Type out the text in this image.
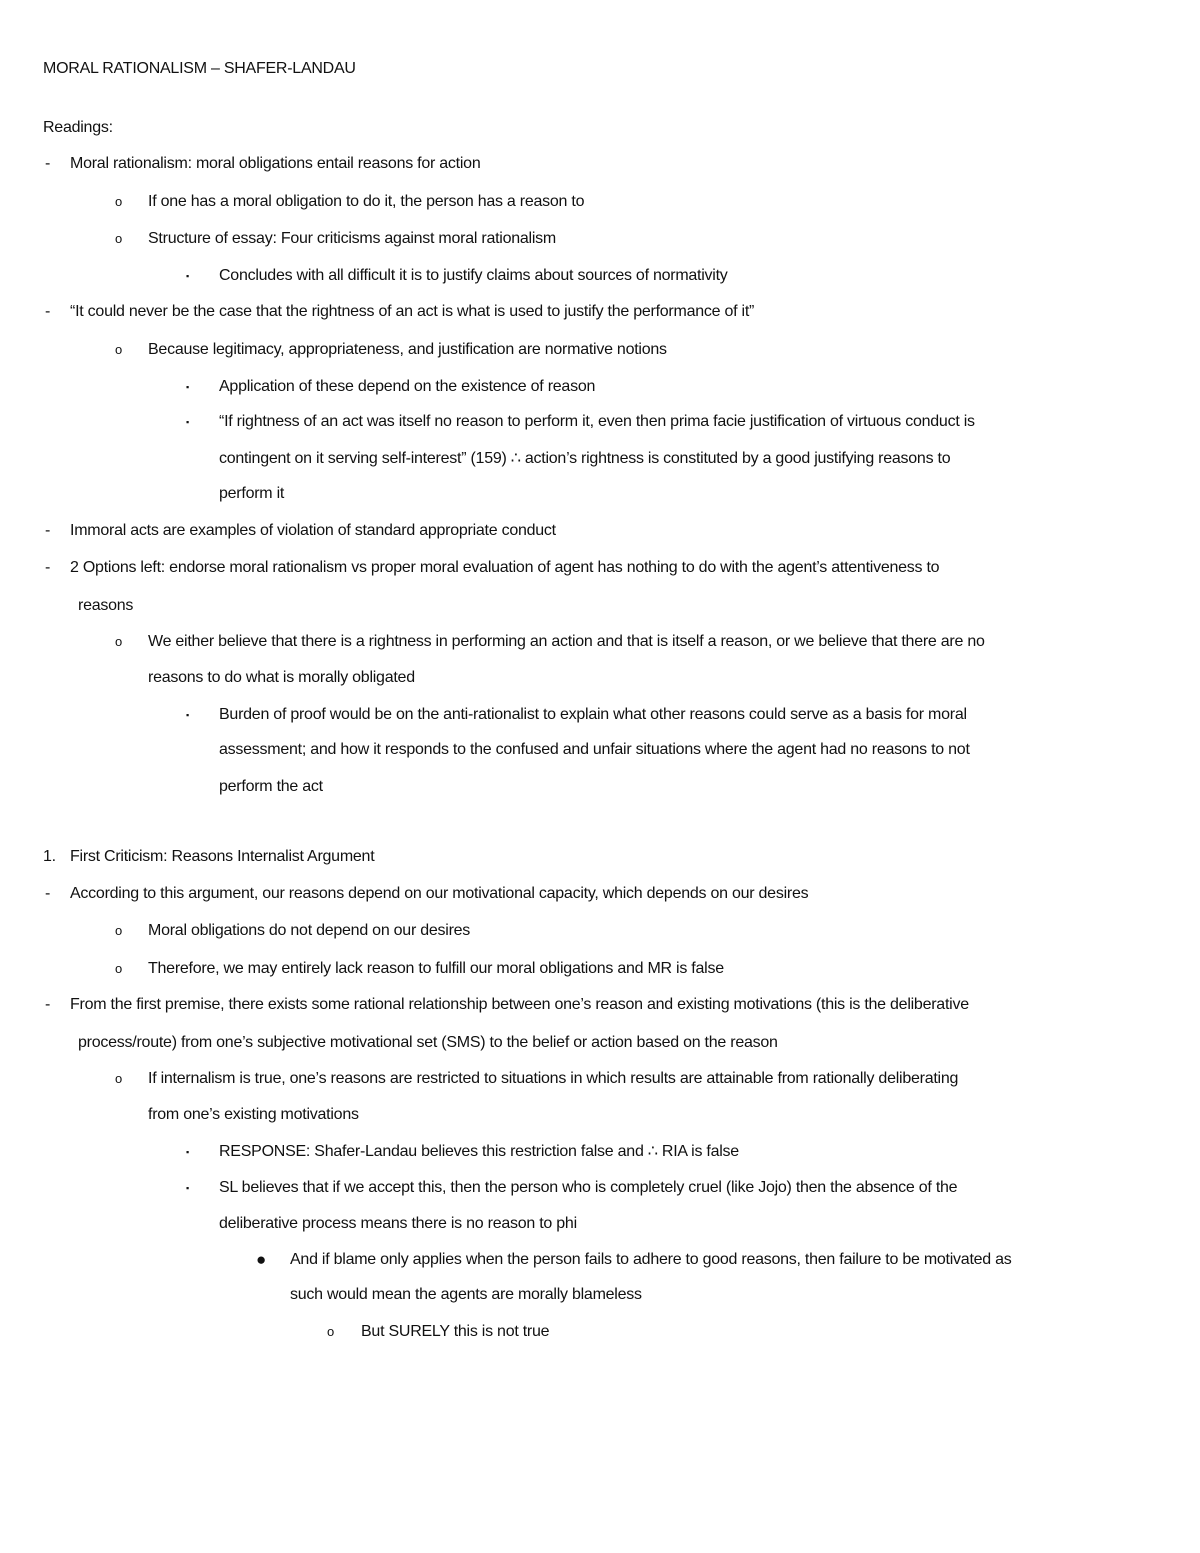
MORAL RATIONALISM – SHAFER-LANDAU
Readings:
- Moral rationalism: moral obligations entail reasons for action
o If one has a moral obligation to do it, the person has a reason to
o Structure of essay: Four criticisms against moral rationalism
▪ Concludes with all difficult it is to justify claims about sources of normativity
- “It could never be the case that the rightness of an act is what is used to justify the performance of it”
o Because legitimacy, appropriateness, and justification are normative notions
▪ Application of these depend on the existence of reason
▪ “If rightness of an act was itself no reason to perform it, even then prima facie justification of virtuous conduct is
contingent on it serving self-interest” (159) ∴ action’s rightness is constituted by a good justifying reasons to
perform it
- Immoral acts are examples of violation of standard appropriate conduct
- 2 Options left: endorse moral rationalism vs proper moral evaluation of agent has nothing to do with the agent’s attentiveness to
reasons
o We either believe that there is a rightness in performing an action and that is itself a reason, or we believe that there are no
reasons to do what is morally obligated
▪ Burden of proof would be on the anti-rationalist to explain what other reasons could serve as a basis for moral
assessment; and how it responds to the confused and unfair situations where the agent had no reasons to not
perform the act
1. First Criticism: Reasons Internalist Argument
- According to this argument, our reasons depend on our motivational capacity, which depends on our desires
o Moral obligations do not depend on our desires
o Therefore, we may entirely lack reason to fulfill our moral obligations and MR is false
- From the first premise, there exists some rational relationship between one’s reason and existing motivations (this is the deliberative
process/route) from one’s subjective motivational set (SMS) to the belief or action based on the reason
o If internalism is true, one’s reasons are restricted to situations in which results are attainable from rationally deliberating
from one’s existing motivations
▪ RESPONSE: Shafer-Landau believes this restriction false and ∴ RIA is false
▪ SL believes that if we accept this, then the person who is completely cruel (like Jojo) then the absence of the
deliberative process means there is no reason to phi
● And if blame only applies when the person fails to adhere to good reasons, then failure to be motivated as
such would mean the agents are morally blameless
o But SURELY this is not true
